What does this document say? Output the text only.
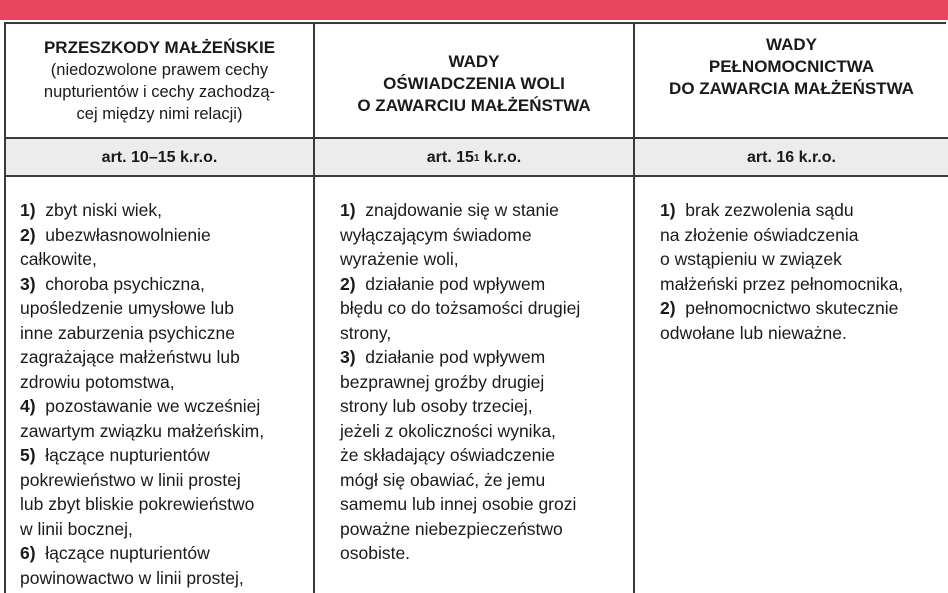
PRZESZKODY MAŁŻEŃSKIE
(niedozwolone prawem cechy
nupturientów i cechy zachodzą-
cej między nimi relacji)
WADY
OŚWIADCZENIA WOLI
O ZAWARCIU MAŁŻEŃSTWA
WADY
PEŁNOMOCNICTWA
DO ZAWARCIA MAŁŻEŃSTWA
art. 10–15 k.r.o.	art. 15 1 k.r.o.	art. 16 k.r.o.
1) zbyt niski wiek,
2) ubezwłasnowolnienie
całkowite,
3) choroba psychiczna,
upośledzenie umysłowe lub
inne zaburzenia psychiczne
zagrażające małżeństwu lub
zdrowiu potomstwa,
4) pozostawanie we wcześniej
zawartym związku małżeńskim,
5) łączące nupturientów
pokrewieństwo w linii prostej
lub zbyt bliskie pokrewieństwo
w linii bocznej,
6) łączące nupturientów
powinowactwo w linii prostej,
1) znajdowanie się w stanie
wyłączającym świadome
wyrażenie woli,
2) działanie pod wpływem
błędu co do tożsamości drugiej
strony,
3) działanie pod wpływem
bezprawnej groźby drugiej
strony lub osoby trzeciej,
jeżeli z okoliczności wynika,
że składający oświadczenie
mógł się obawiać, że jemu
samemu lub innej osobie grozi
poważne niebezpieczeństwo
osobiste.
1) brak zezwolenia sądu
na złożenie oświadczenia
o wstąpieniu w związek
małżeński przez pełnomocnika,
2) pełnomocnictwo skutecznie
odwołane lub nieważne.
